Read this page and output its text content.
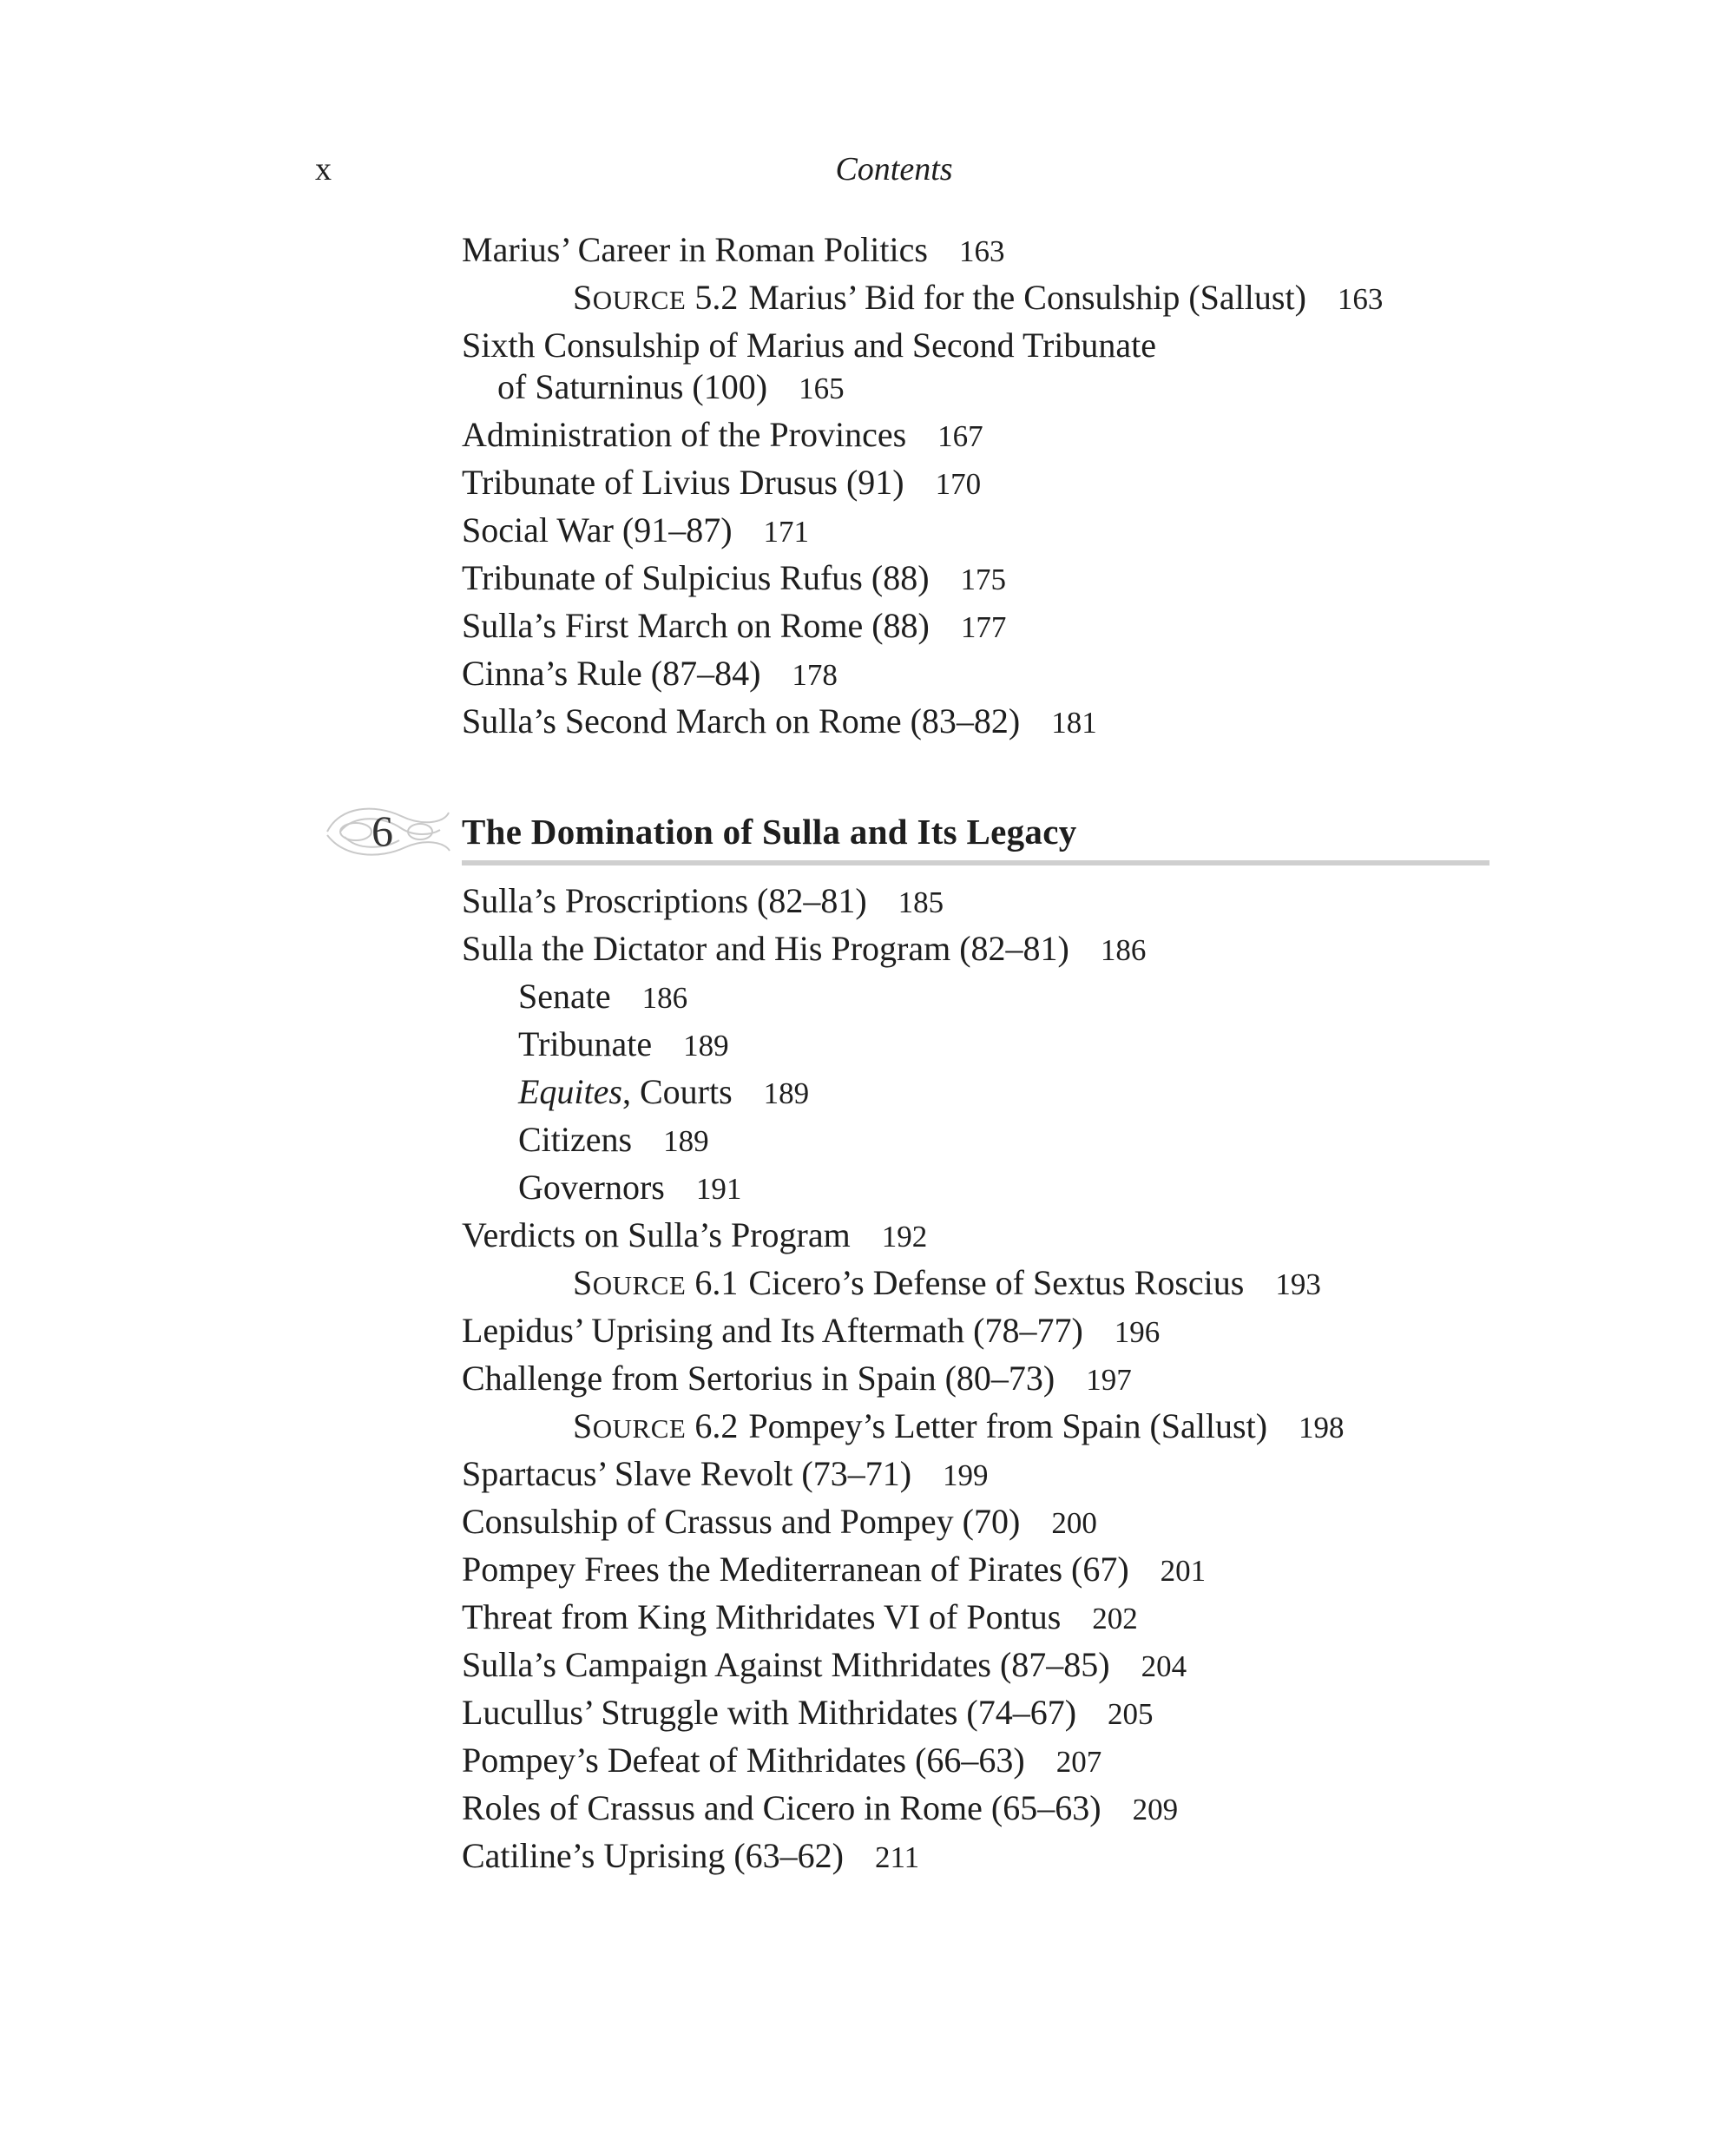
x	Contents
Marius’ Career in Roman Politics 163
SOURCE 5.2 Marius’ Bid for the Consulship (Sallust) 163
Sixth Consulship of Marius and Second Tribunate
of Saturninus (100) 165
Administration of the Provinces 167
Tribunate of Livius Drusus (91) 170
Social War (91–87) 171
Tribunate of Sulpicius Rufus (88) 175
Sulla’s First March on Rome (88) 177
Cinna’s Rule (87–84) 178
Sulla’s Second March on Rome (83–82) 181
6 The Domination of Sulla and Its Legacy
Sulla’s Proscriptions (82–81) 185
Sulla the Dictator and His Program (82–81) 186
Senate 186
Tribunate 189
Equites, Courts 189
Citizens 189
Governors 191
Verdicts on Sulla’s Program 192
SOURCE 6.1 Cicero’s Defense of Sextus Roscius 193
Lepidus’ Uprising and Its Aftermath (78–77) 196
Challenge from Sertorius in Spain (80–73) 197
SOURCE 6.2 Pompey’s Letter from Spain (Sallust) 198
Spartacus’ Slave Revolt (73–71) 199
Consulship of Crassus and Pompey (70) 200
Pompey Frees the Mediterranean of Pirates (67) 201
Threat from King Mithridates VI of Pontus 202
Sulla’s Campaign Against Mithridates (87–85) 204
Lucullus’ Struggle with Mithridates (74–67) 205
Pompey’s Defeat of Mithridates (66–63) 207
Roles of Crassus and Cicero in Rome (65–63) 209
Catiline’s Uprising (63–62) 211
